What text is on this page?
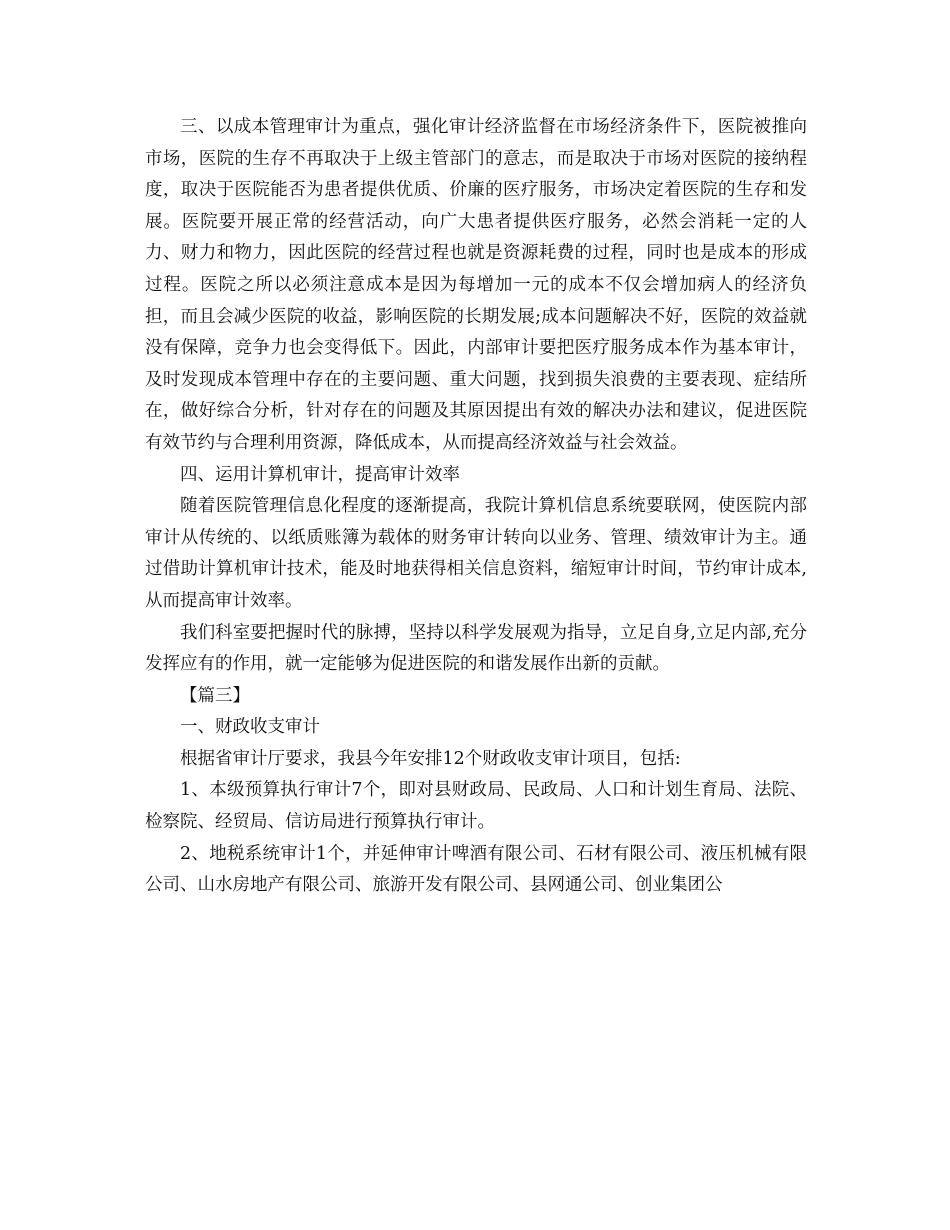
三、以成本管理审计为重点，强化审计经济监督在市场经济条件下，医院被推向市场，医院的生存不再取决于上级主管部门的意志，而是取决于市场对医院的接纳程度，取决于医院能否为患者提供优质、价廉的医疗服务，市场决定着医院的生存和发展。医院要开展正常的经营活动，向广大患者提供医疗服务，必然会消耗一定的人力、财力和物力，因此医院的经营过程也就是资源耗费的过程，同时也是成本的形成过程。医院之所以必须注意成本是因为每增加一元的成本不仅会增加病人的经济负担，而且会减少医院的收益，影响医院的长期发展;成本问题解决不好，医院的效益就没有保障，竞争力也会变得低下。因此，内部审计要把医疗服务成本作为基本审计，及时发现成本管理中存在的主要问题、重大问题，找到损失浪费的主要表现、症结所在，做好综合分析，针对存在的问题及其原因提出有效的解决办法和建议，促进医院有效节约与合理利用资源，降低成本，从而提高经济效益与社会效益。

四、运用计算机审计，提高审计效率

随着医院管理信息化程度的逐渐提高，我院计算机信息系统要联网，使医院内部审计从传统的、以纸质账簿为载体的财务审计转向以业务、管理、绩效审计为主。通过借助计算机审计技术，能及时地获得相关信息资料，缩短审计时间，节约审计成本,从而提高审计效率。

我们科室要把握时代的脉搏，坚持以科学发展观为指导，立足自身,立足内部,充分发挥应有的作用，就一定能够为促进医院的和谐发展作出新的贡献。

【篇三】

一、财政收支审计

根据省审计厅要求，我县今年安排12个财政收支审计项目，包括:

1、本级预算执行审计7个，即对县财政局、民政局、人口和计划生育局、法院、检察院、经贸局、信访局进行预算执行审计。

2、地税系统审计1个，并延伸审计啤酒有限公司、石材有限公司、液压机械有限公司、山水房地产有限公司、旅游开发有限公司、县网通公司、创业集团公
